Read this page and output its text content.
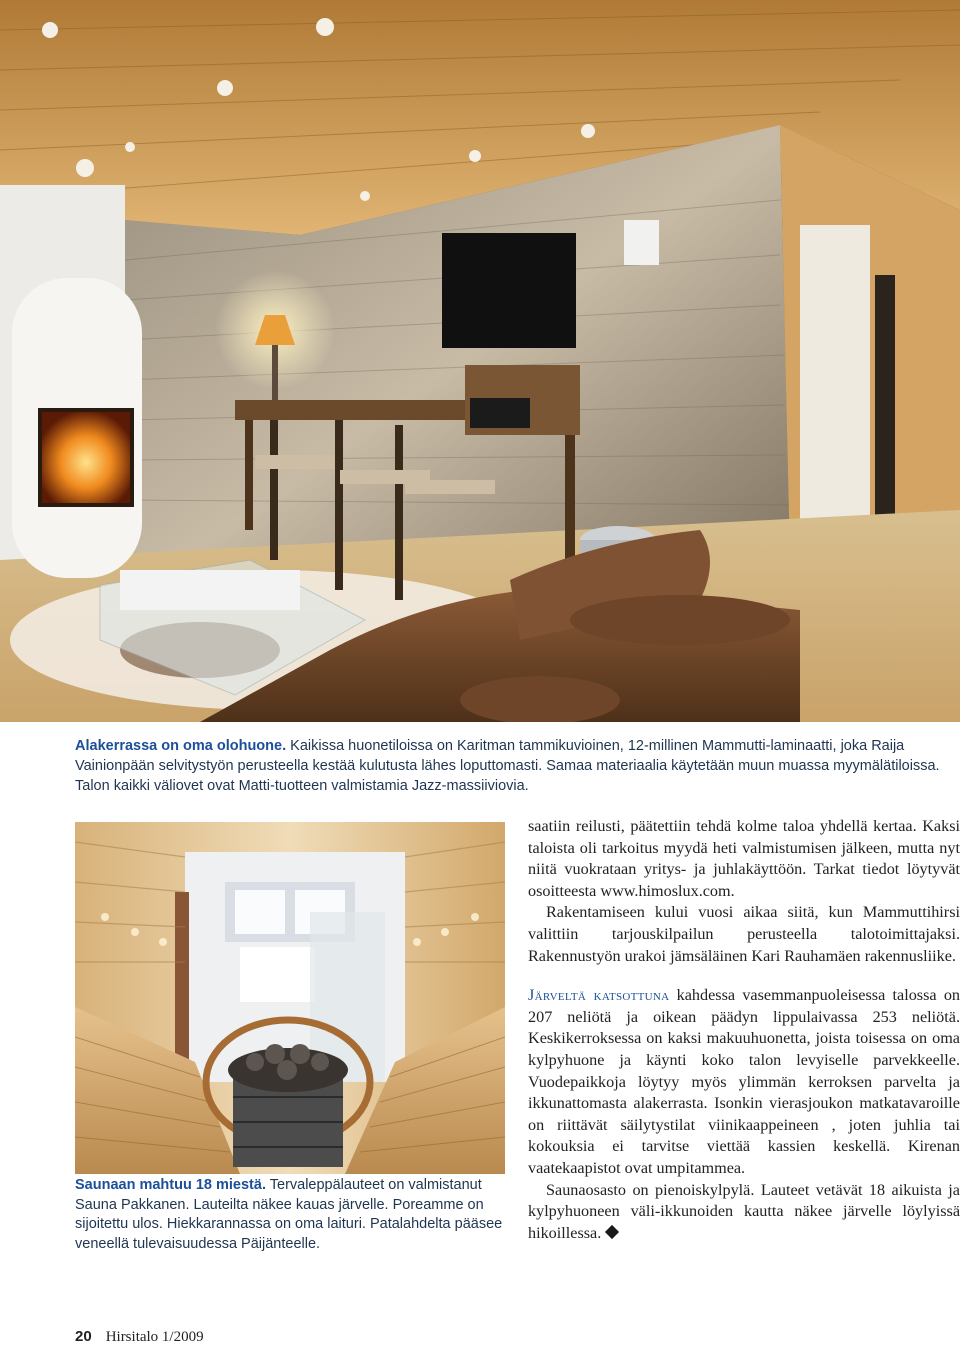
Alakerrassa on oma olohuone. Kaikissa huonetiloissa on Karitman tammikuvioinen, 12-millinen Mammutti-laminaatti, joka Raija Vainionpään selvitystyön perusteella kestää kulutusta lähes loputtomasti. Samaa materiaalia käytetään muun muassa myymälätiloissa. Talon kaikki väliovet ovat Matti-tuotteen valmistamia Jazz-massiiviovia.
Saunaan mahtuu 18 miestä. Tervaleppälauteet on valmistanut Sauna Pakkanen. Lauteilta näkee kauas järvelle. Poreamme on sijoitettu ulos. Hiekkarannassa on oma laituri. Patalahdelta pääsee veneellä tulevaisuudessa Päijänteelle.

saatiin reilusti, päätettiin tehdä kolme taloa yhdellä kertaa. Kaksi taloista oli tarkoitus myydä heti valmistumisen jälkeen, mutta nyt niitä vuokrataan yritys- ja juhlakäyttöön. Tarkat tiedot löytyvät osoitteesta www.himoslux.com.

Rakentamiseen kului vuosi aikaa siitä, kun Mammuttihirsi valittiin tarjouskilpailun perusteella talotoimittajaksi. Rakennustyön urakoi jämsäläinen Kari Rauhamäen rakennusliike.

Järveltä katsottuna kahdessa vasemmanpuoleisessa talossa on 207 neliötä ja oikean päädyn lippulaivassa 253 neliötä. Keskikerroksessa on kaksi makuuhuonetta, joista toisessa on oma kylpyhuone ja käynti koko talon levyiselle parvekkeelle. Vuodepaikkoja löytyy myös ylimmän kerroksen parvelta ja ikkunattomasta alakerrasta. Isonkin vierasjoukon matkatavaroille on riittävät säilytystilat viinikaappeineen , joten juhlia tai kokouksia ei tarvitse viettää kassien keskellä. Kirenan vaatekaapistot ovat umpitammea.

Saunaosasto on pienoiskylpylä. Lauteet vetävät 18 aikuista ja kylpyhuoneen väli-ikkunoiden kautta näkee järvelle löylyissä hikoillessa.

20 Hirsitalo 1/2009
